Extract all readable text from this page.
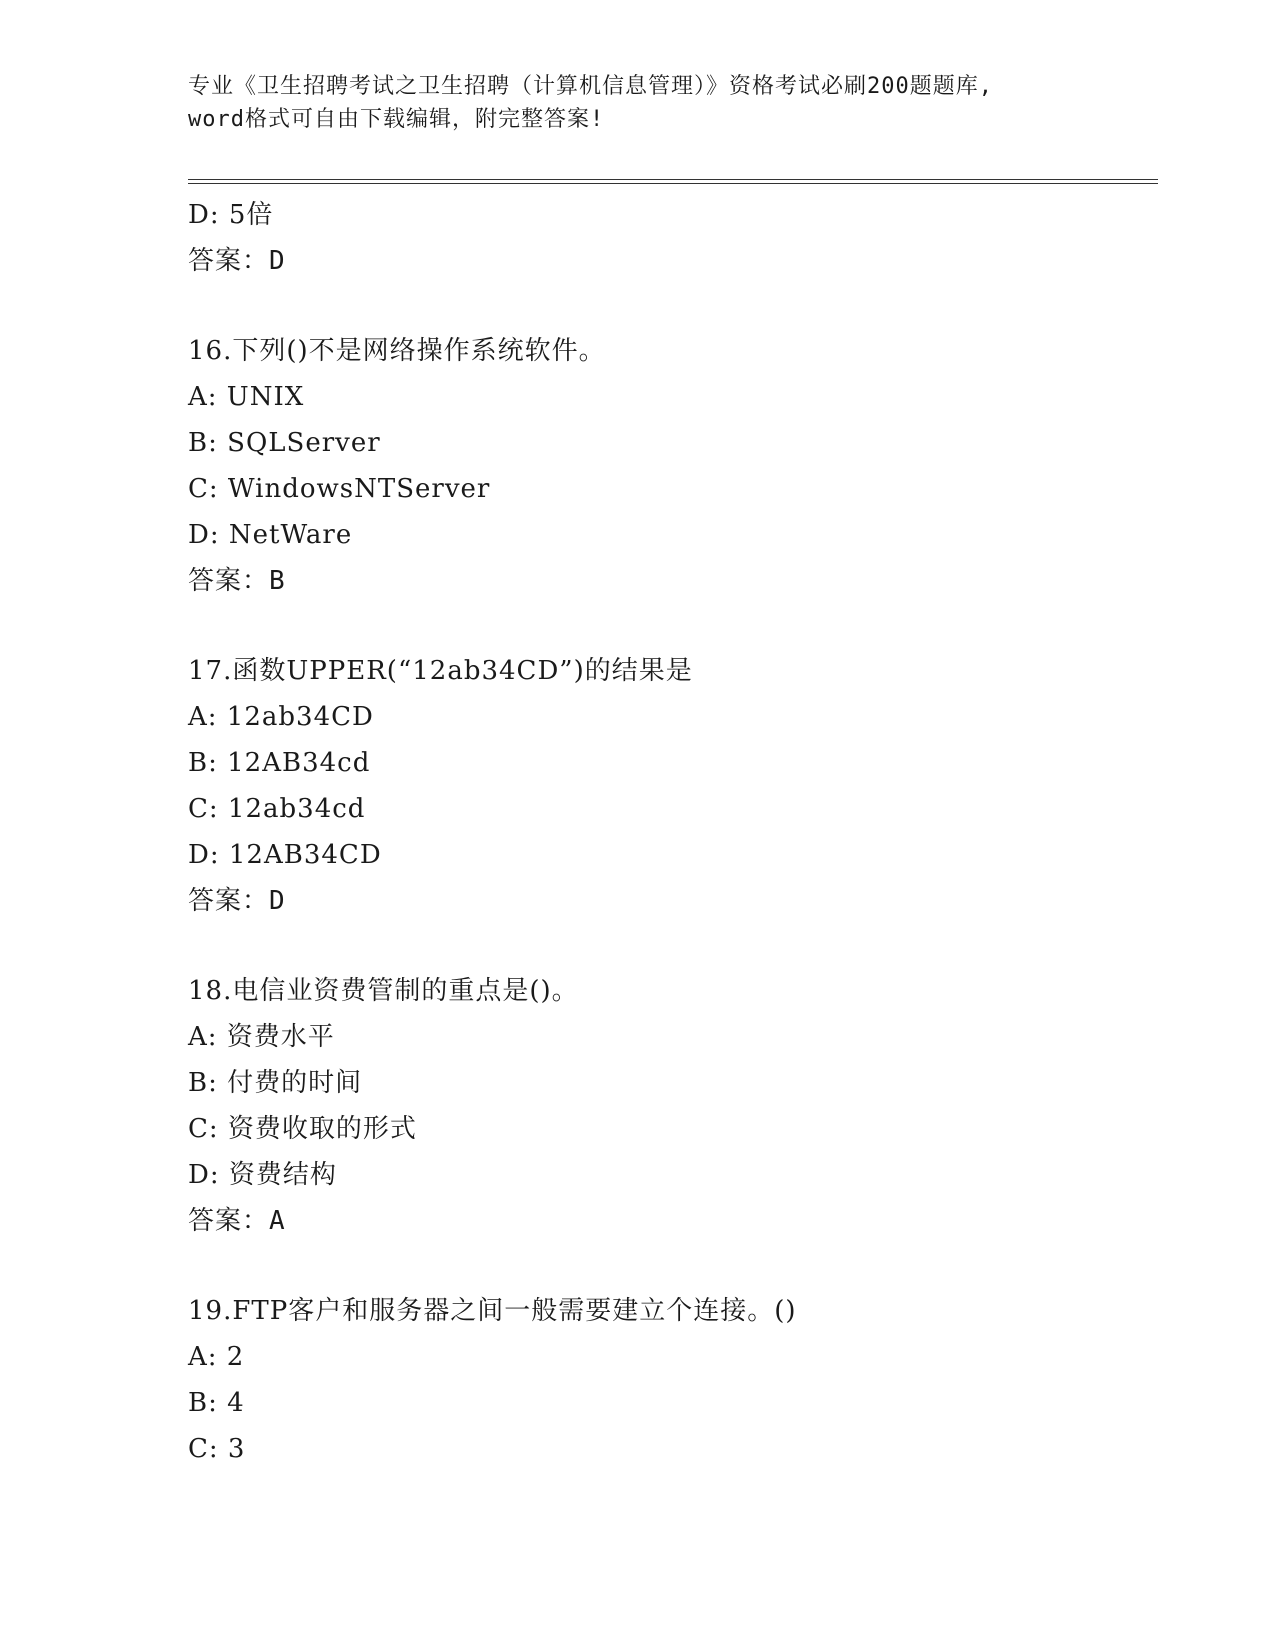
专业《卫生招聘考试之卫生招聘（计算机信息管理）》资格考试必刷200题题库,
word格式可自由下载编辑，附完整答案!
D: 5倍
答案：D
16.下列()不是网络操作系统软件。
A: UNIX
B: SQLServer
C: WindowsNTServer
D: NetWare
答案：B
17.函数UPPER(“12ab34CD”)的结果是
A: 12ab34CD
B: 12AB34cd
C: 12ab34cd
D: 12AB34CD
答案：D
18.电信业资费管制的重点是()。
A: 资费水平
B: 付费的时间
C: 资费收取的形式
D: 资费结构
答案：A
19.FTP客户和服务器之间一般需要建立个连接。()
A: 2
B: 4
C: 3
